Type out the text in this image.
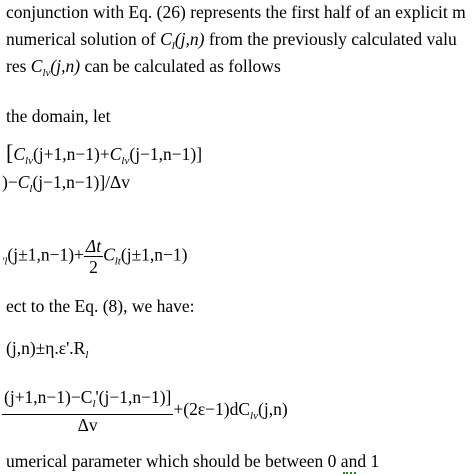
conjunction with Eq. (26) represents the first half of an explicit m
numerical solution of $C_l(j,n)$ from the previously calculated valu
res $C_{lv}(j,n)$ can be calculated as follows
the domain, let
$[C_{lv}(j+1,n-1)+C_{lv}(j-1,n-1)]$
)$-C_l(j-1,n-1)]/\Delta v$
$_{'l}(j\pm 1,n-1)+ \frac{\Delta t}{2} C_{lt}(j\pm 1,n-1)$
ect to the Eq. (8), we have:
$(j,n)\pm\eta.\varepsilon'.R_l$
$\frac{(j+1,n-1)-C_l'(j-1,n-1)]}{\Delta v} +(2\varepsilon-1)dC_{lv}(j,n)$
umerical parameter which should be between 0 and 1
